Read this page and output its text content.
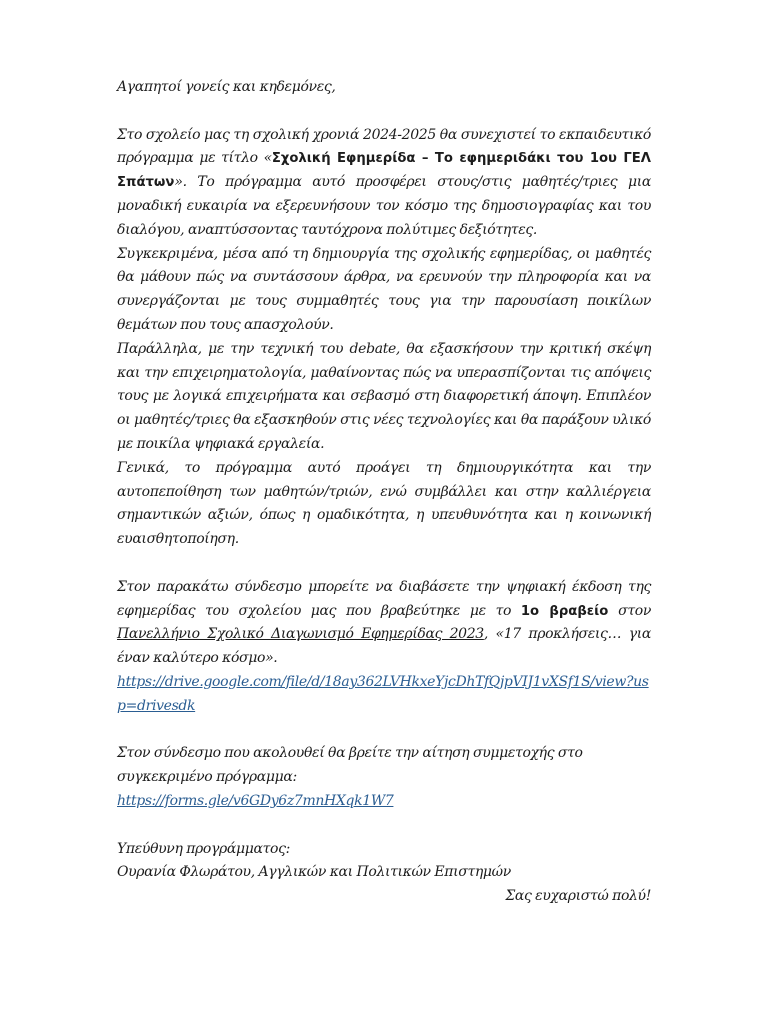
Αγαπητοί γονείς και κηδεμόνες,

Στο σχολείο μας τη σχολική χρονιά 2024-2025 θα συνεχιστεί το εκπαιδευτικό πρόγραμμα με τίτλο «Σχολική Εφημερίδα – Το εφημεριδάκι του 1ου ΓΕΛ Σπάτων». Το πρόγραμμα αυτό προσφέρει στους/στις μαθητές/τριες μια μοναδική ευκαιρία να εξερευνήσουν τον κόσμο της δημοσιογραφίας και του διαλόγου, αναπτύσσοντας ταυτόχρονα πολύτιμες δεξιότητες.

Συγκεκριμένα, μέσα από τη δημιουργία της σχολικής εφημερίδας, οι μαθητές θα μάθουν πώς να συντάσσουν άρθρα, να ερευνούν την πληροφορία και να συνεργάζονται με τους συμμαθητές τους για την παρουσίαση ποικίλων θεμάτων που τους απασχολούν.

Παράλληλα, με την τεχνική του debate, θα εξασκήσουν την κριτική σκέψη και την επιχειρηματολογία, μαθαίνοντας πώς να υπερασπίζονται τις απόψεις τους με λογικά επιχειρήματα και σεβασμό στη διαφορετική άποψη. Επιπλέον οι μαθητές/τριες θα εξασκηθούν στις νέες τεχνολογίες και θα παράξουν υλικό με ποικίλα ψηφιακά εργαλεία.

Γενικά, το πρόγραμμα αυτό προάγει τη δημιουργικότητα και την αυτοπεποίθηση των μαθητών/τριών, ενώ συμβάλλει και στην καλλιέργεια σημαντικών αξιών, όπως η ομαδικότητα, η υπευθυνότητα και η κοινωνική ευαισθητοποίηση.

Στον παρακάτω σύνδεσμο μπορείτε να διαβάσετε την ψηφιακή έκδοση της εφημερίδας του σχολείου μας που βραβεύτηκε με το 1ο βραβείο στον Πανελλήνιο Σχολικό Διαγωνισμό Εφημερίδας 2023, «17 προκλήσεις… για έναν καλύτερο κόσμο».

https://drive.google.com/file/d/18ay362LVHkxeYjcDhTfQjpVIJ1vXSf1S/view?usp=drivesdk

Στον σύνδεσμο που ακολουθεί θα βρείτε την αίτηση συμμετοχής στο συγκεκριμένο πρόγραμμα:

https://forms.gle/v6GDy6z7mnHXqk1W7

Υπεύθυνη προγράμματος:

Ουρανία Φλωράτου, Αγγλικών και Πολιτικών Επιστημών

Σας ευχαριστώ πολύ!
